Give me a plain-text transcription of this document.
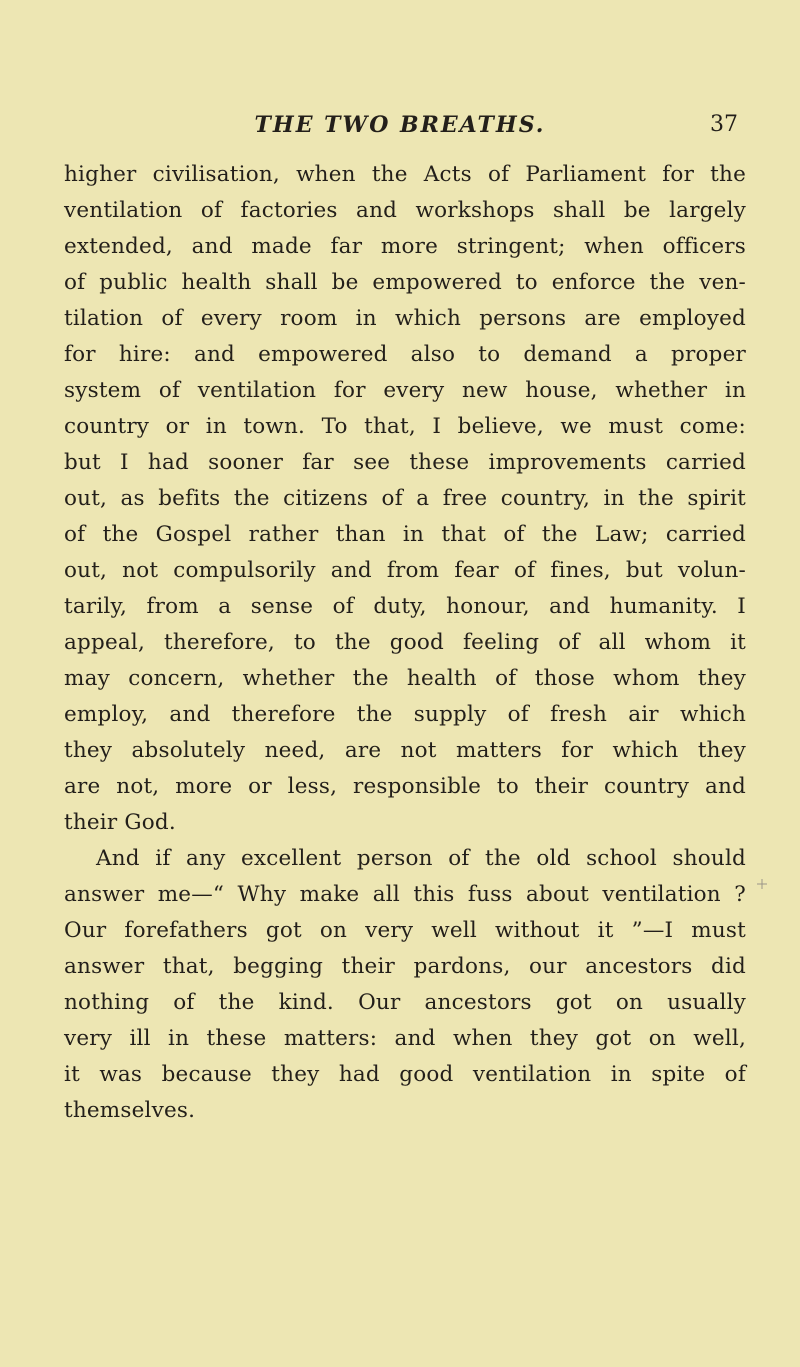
THE TWO BREATHS.	37
higher civilisation, when the Acts of Parliament for the
ventilation of factories and workshops shall be largely
extended, and made far more stringent; when officers
of public health shall be empowered to enforce the ven-
tilation of every room in which persons are employed
for hire: and empowered also to demand a proper
system of ventilation for every new house, whether in
country or in town. To that, I believe, we must come:
but I had sooner far see these improvements carried
out, as befits the citizens of a free country, in the spirit
of the Gospel rather than in that of the Law; carried
out, not compulsorily and from fear of fines, but volun-
tarily, from a sense of duty, honour, and humanity. I
appeal, therefore, to the good feeling of all whom it
may concern, whether the health of those whom they
employ, and therefore the supply of fresh air which
they absolutely need, are not matters for which they
are not, more or less, responsible to their country and
their God.
And if any excellent person of the old school should
answer me—“ Why make all this fuss about ventilation ?
Our forefathers got on very well without it ”—I must
answer that, begging their pardons, our ancestors did
nothing of the kind. Our ancestors got on usually
very ill in these matters: and when they got on well,
it was because they had good ventilation in spite of
themselves.
